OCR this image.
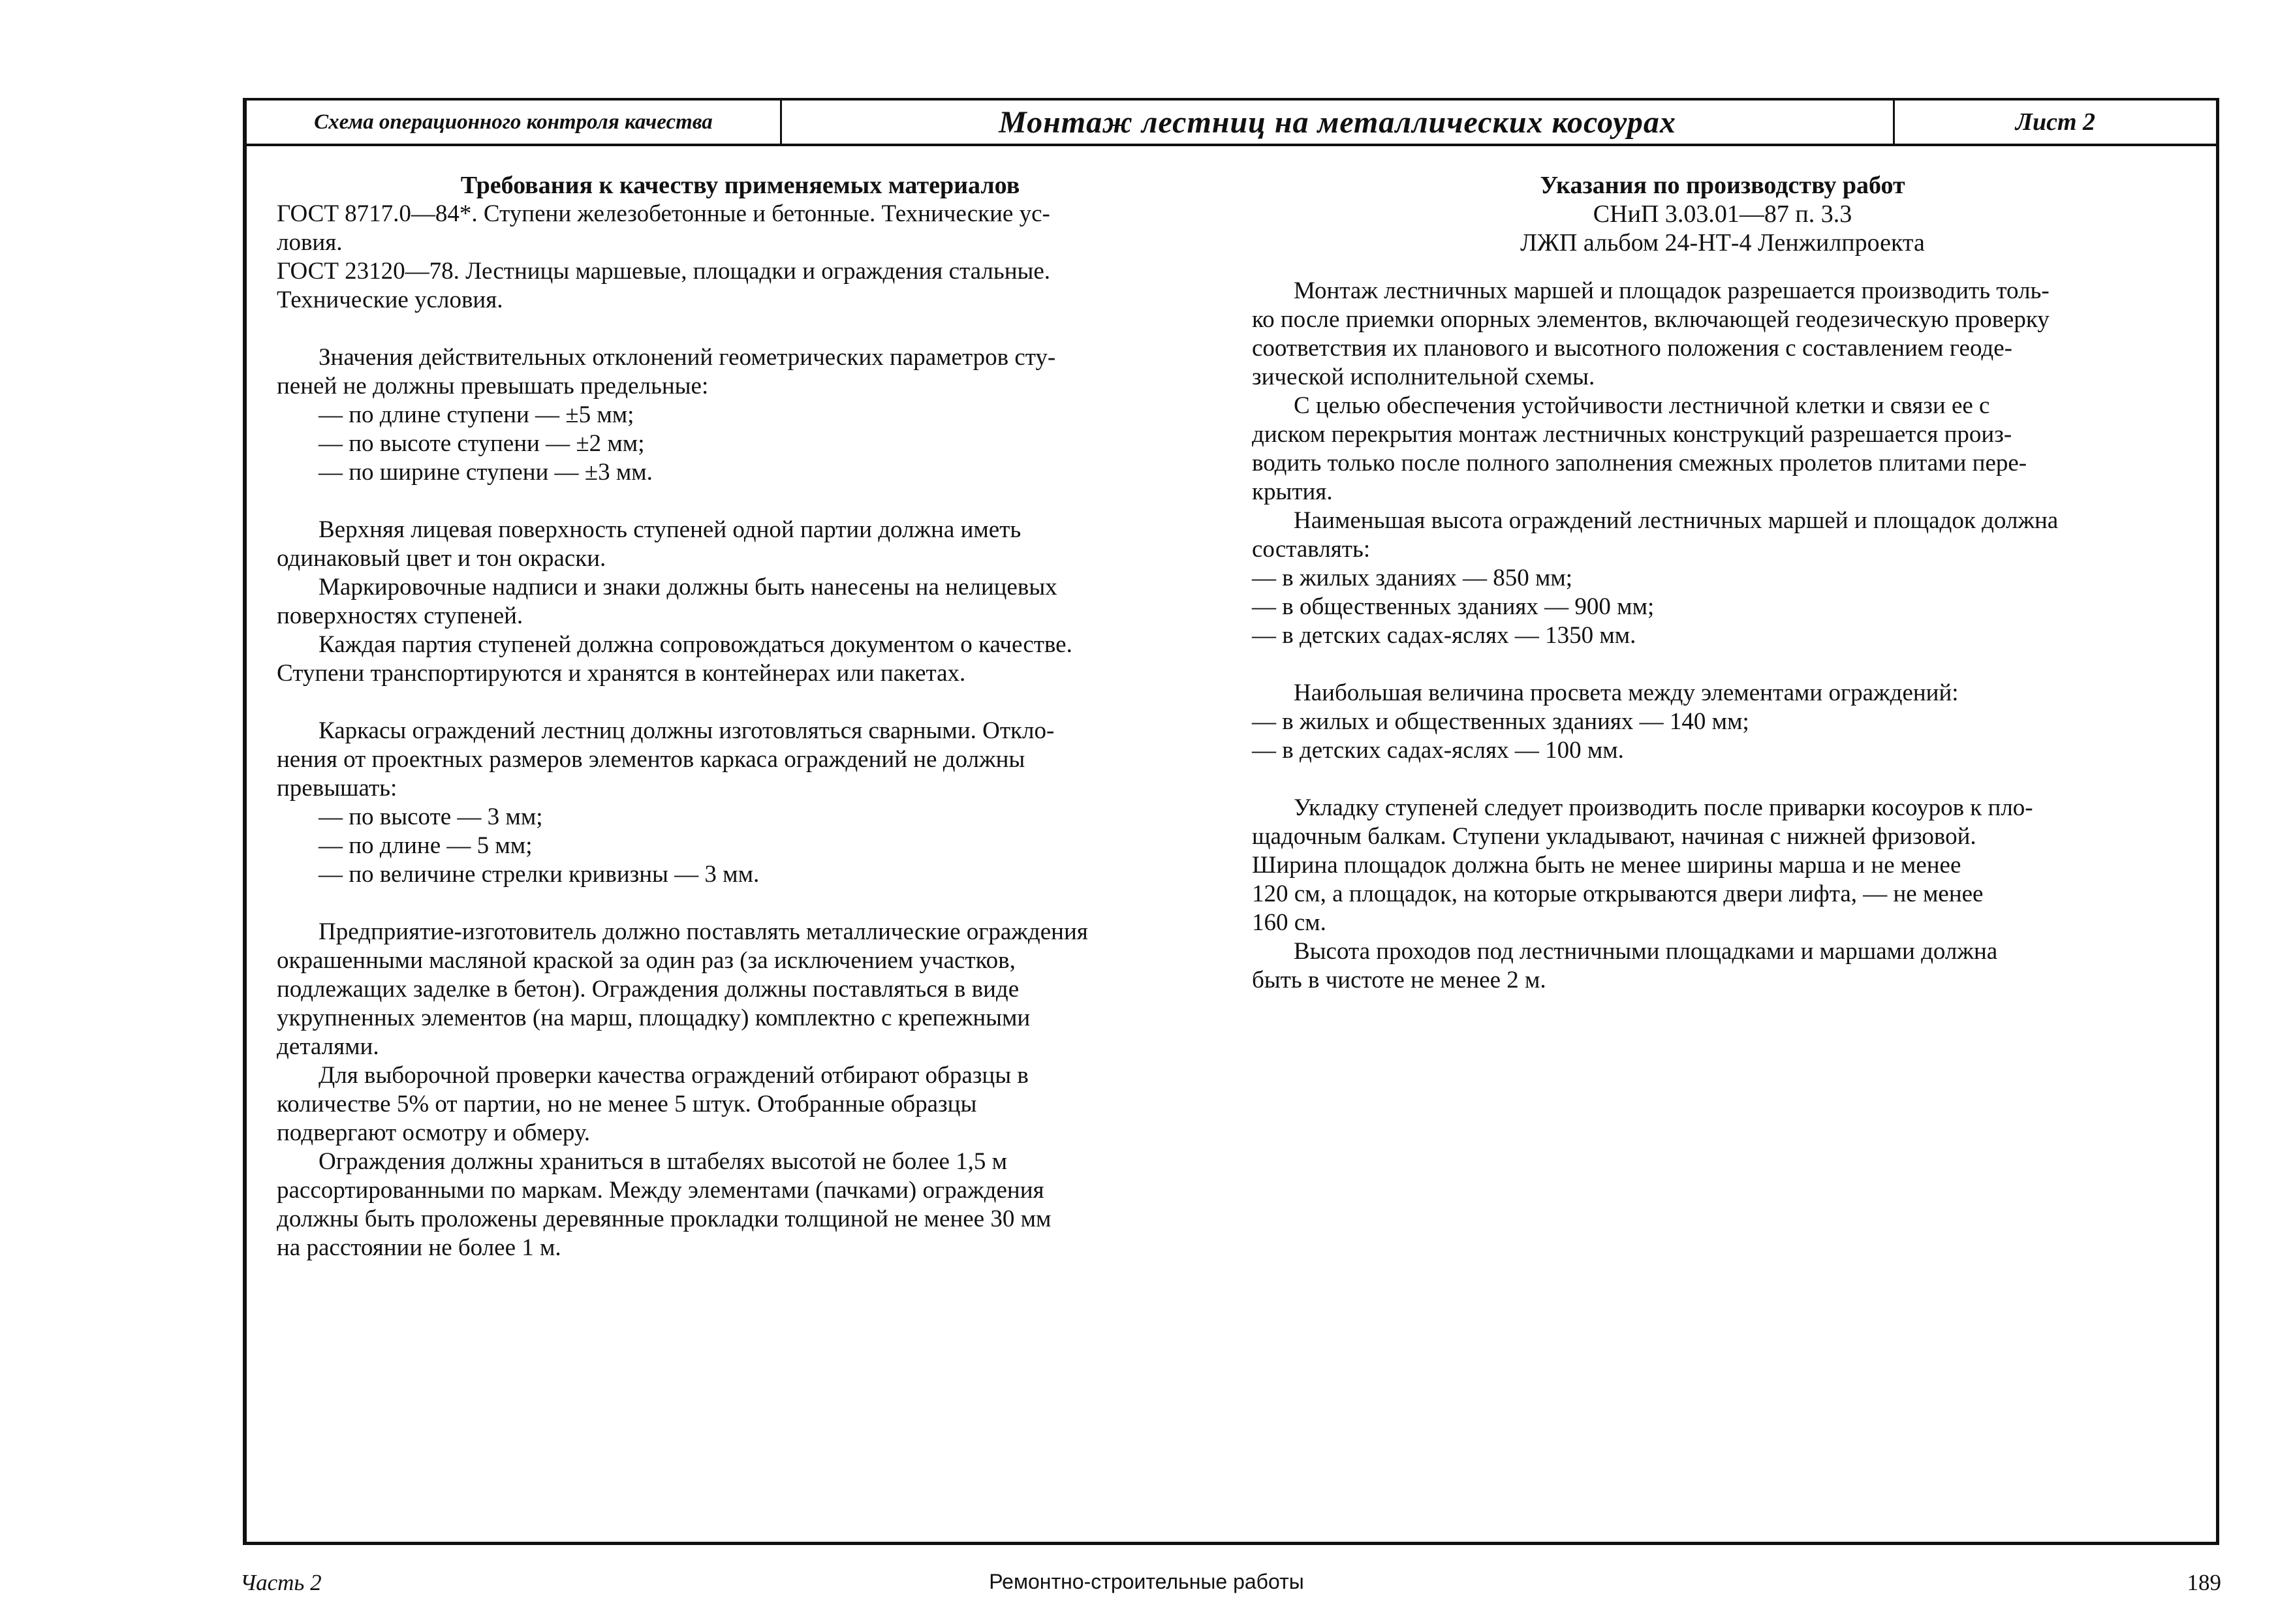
Схема операционного контроля качества	Монтаж лестниц на металлических косоурах	Лист 2
Требования к качеству применяемых материалов
ГОСТ 8717.0—84*. Ступени железобетонные и бетонные. Технические ус-
ловия.
ГОСТ 23120—78. Лестницы маршевые, площадки и ограждения стальные.
Технические условия.
Значения действительных отклонений геометрических параметров сту-
пеней не должны превышать предельные:
— по длине ступени — ±5 мм;
— по высоте ступени — ±2 мм;
— по ширине ступени — ±3 мм.
Верхняя лицевая поверхность ступеней одной партии должна иметь
одинаковый цвет и тон окраски.
Маркировочные надписи и знаки должны быть нанесены на нелицевых
поверхностях ступеней.
Каждая партия ступеней должна сопровождаться документом о качестве.
Ступени транспортируются и хранятся в контейнерах или пакетах.
Каркасы ограждений лестниц должны изготовляться сварными. Откло-
нения от проектных размеров элементов каркаса ограждений не должны
превышать:
— по высоте — 3 мм;
— по длине — 5 мм;
— по величине стрелки кривизны — 3 мм.
Предприятие-изготовитель должно поставлять металлические ограждения
окрашенными масляной краской за один раз (за исключением участков,
подлежащих заделке в бетон). Ограждения должны поставляться в виде
укрупненных элементов (на марш, площадку) комплектно с крепежными
деталями.
Для выборочной проверки качества ограждений отбирают образцы в
количестве 5% от партии, но не менее 5 штук. Отобранные образцы
подвергают осмотру и обмеру.
Ограждения должны храниться в штабелях высотой не более 1,5 м
рассортированными по маркам. Между элементами (пачками) ограждения
должны быть проложены деревянные прокладки толщиной не менее 30 мм
на расстоянии не более 1 м.
Указания по производству работ
СНиП 3.03.01—87 п. 3.3
ЛЖП альбом 24-НТ-4 Ленжилпроекта
Монтаж лестничных маршей и площадок разрешается производить толь-
ко после приемки опорных элементов, включающей геодезическую проверку
соответствия их планового и высотного положения с составлением геоде-
зической исполнительной схемы.
С целью обеспечения устойчивости лестничной клетки и связи ее с
диском перекрытия монтаж лестничных конструкций разрешается произ-
водить только после полного заполнения смежных пролетов плитами пере-
крытия.
Наименьшая высота ограждений лестничных маршей и площадок должна
составлять:
— в жилых зданиях — 850 мм;
— в общественных зданиях — 900 мм;
— в детских садах-яслях — 1350 мм.
Наибольшая величина просвета между элементами ограждений:
— в жилых и общественных зданиях — 140 мм;
— в детских садах-яслях — 100 мм.
Укладку ступеней следует производить после приварки косоуров к пло-
щадочным балкам. Ступени укладывают, начиная с нижней фризовой.
Ширина площадок должна быть не менее ширины марша и не менее
120 см, а площадок, на которые открываются двери лифта, — не менее
160 см.
Высота проходов под лестничными площадками и маршами должна
быть в чистоте не менее 2 м.
Часть 2	Ремонтно-строительные работы	189
